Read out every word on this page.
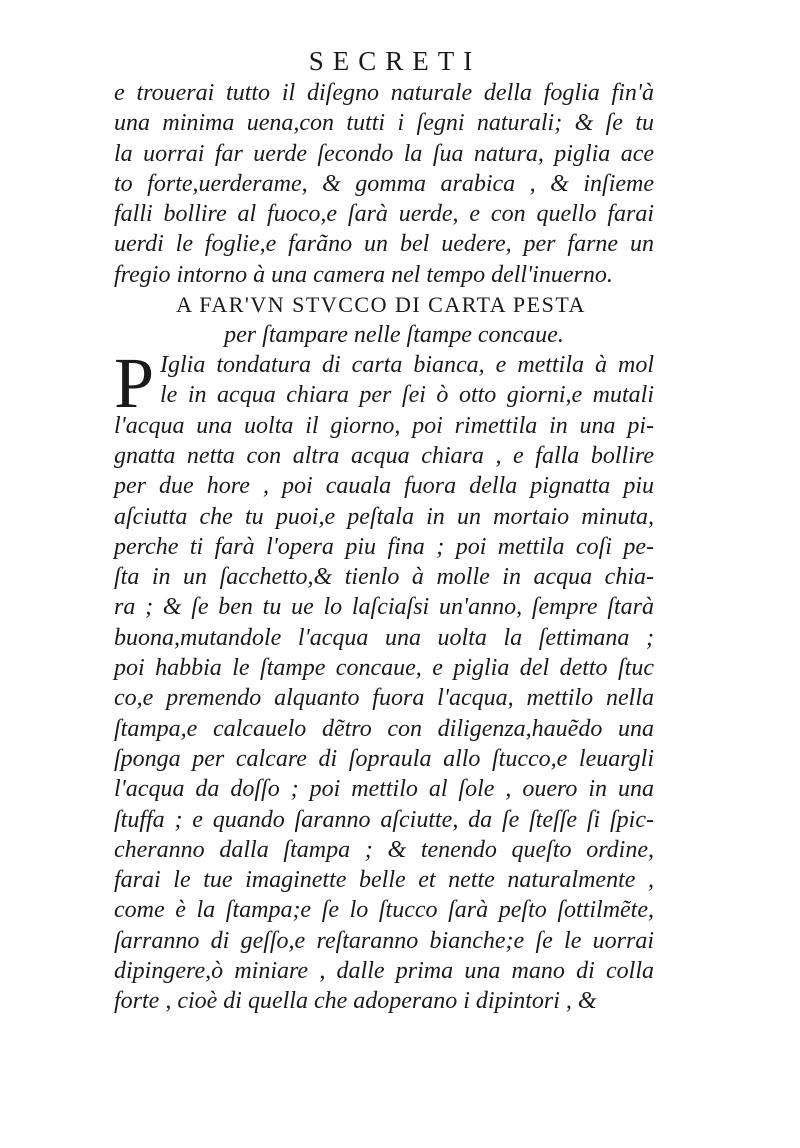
SECRETI
e trouerai tutto il diſegno naturale della foglia fin'à
una minima uena,con tutti i ſegni naturali; & ſe tu
la uorrai far uerde ſecondo la ſua natura, piglia ace
to forte,uerderame, & gomma arabica , & inſieme
falli bollire al fuoco,e ſarà uerde, e con quello farai
uerdi le foglie,e farãno un bel uedere, per farne un
fregio intorno à una camera nel tempo dell'inuerno.
A FAR'VN STVCCO DI CARTA PESTA
per ſtampare nelle ſtampe concaue.
P Iglia tondatura di carta bianca, e mettila à mol
le in acqua chiara per ſei ò otto giorni,e mutali
l'acqua una uolta il giorno, poi rimettila in una pi-
gnatta netta con altra acqua chiara , e falla bollire
per due hore , poi cauala fuora della pignatta piu
aſciutta che tu puoi,e peſtala in un mortaio minuta,
perche ti farà l'opera piu fina ; poi mettila coſi pe-
ſta in un ſacchetto,& tienlo à molle in acqua chia-
ra ; & ſe ben tu ue lo laſciaſsi un'anno, ſempre ſtarà
buona,mutandole l'acqua una uolta la ſettimana ;
poi habbia le ſtampe concaue, e piglia del detto ſtuc
co,e premendo alquanto fuora l'acqua, mettilo nella
ſtampa,e calcauelo dẽtro con diligenza,hauẽdo una
ſponga per calcare di ſopraula allo ſtucco,e leuargli
l'acqua da doſſo ; poi mettilo al ſole , ouero in una
ſtuffa ; e quando ſaranno aſciutte, da ſe ſteſſe ſi ſpic-
cheranno dalla ſtampa ; & tenendo queſto ordine,
farai le tue imaginette belle et nette naturalmente ,
come è la ſtampa;e ſe lo ſtucco ſarà peſto ſottilmẽte,
ſarranno di geſſo,e reſtaranno bianche;e ſe le uorrai
dipingere,ò miniare , dalle prima una mano di colla
forte , cioè di quella che adoperano i dipintori , &
